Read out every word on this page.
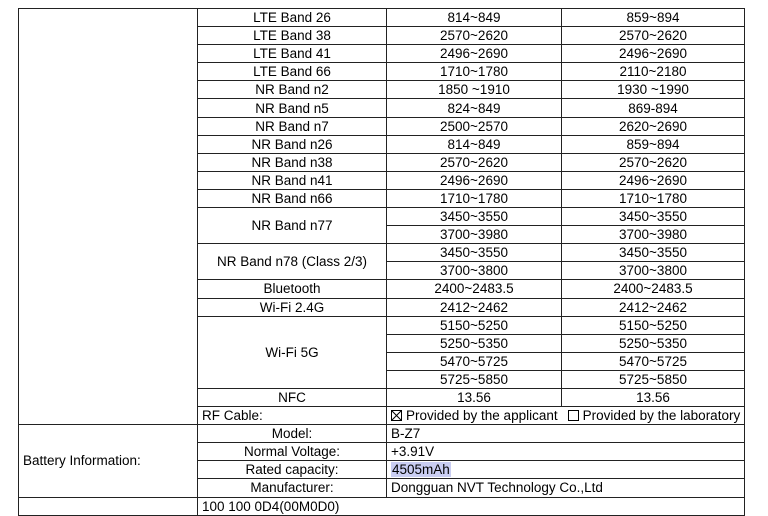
	LTE Band 26	814~849	859~894
	LTE Band 38	2570~2620	2570~2620
	LTE Band 41	2496~2690	2496~2690
	LTE Band 66	1710~1780	2110~2180
	NR Band n2	1850 ~1910	1930 ~1990
	NR Band n5	824~849	869-894
	NR Band n7	2500~2570	2620~2690
	NR Band n26	814~849	859~894
	NR Band n38	2570~2620	2570~2620
	NR Band n41	2496~2690	2496~2690
	NR Band n66	1710~1780	1710~1780
	NR Band n77	3450~3550	3450~3550
		3700~3980	3700~3980
	NR Band n78 (Class 2/3)	3450~3550	3450~3550
		3700~3800	3700~3800
	Bluetooth	2400~2483.5	2400~2483.5
	Wi-Fi 2.4G	2412~2462	2412~2462
	Wi-Fi 5G	5150~5250	5150~5250
		5250~5350	5250~5350
		5470~5725	5470~5725
		5725~5850	5725~5850
	NFC	13.56	13.56
	RF Cable:	Provided by the applicant Provided by the laboratory	
Battery Information:	Model:	B-Z7	
	Normal Voltage:	+3.91V	
	Rated capacity:	4505mAh	
	Manufacturer:	Dongguan NVT Technology Co.,Ltd	
	100 100 0D4(00M0D0)		
